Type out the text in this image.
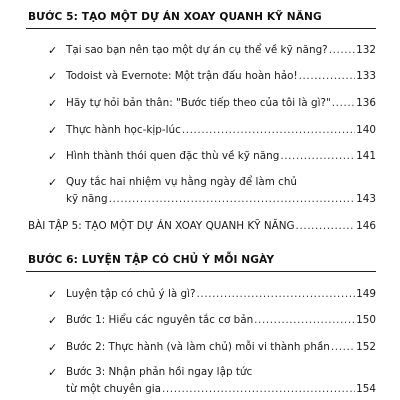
BƯỚC 5: TẠO MỘT DỰ ÁN XOAY QUANH KỸ NĂNG
✓ Tại sao bạn nên tạo một dự án cụ thể về kỹ năng? .....	132
✓ Todoist và Evernote: Một trận đấu hoàn hảo! .....	133
✓ Hãy tự hỏi bản thân: "Bước tiếp theo của tôi là gì?" ..... 136
✓ Thực hành học-kịp-lúc .....	140
✓ Hình thành thói quen đặc thù về kỹ năng .....	141
✓ Quy tắc hai nhiệm vụ hằng ngày để làm chủ
kỹ năng .....	143
BÀI TẬP 5: TẠO MỘT DỰ ÁN XOAY QUANH KỸ NĂNG .....	146
BƯỚC 6: LUYỆN TẬP CÓ CHỦ Ý MỖI NGÀY
✓ Luyện tập có chủ ý là gì? .....	149
✓ Bước 1: Hiểu các nguyên tắc cơ bản .....	150
✓ Bước 2: Thực hành (và làm chủ) mỗi vi thành phần .....	152
✓ Bước 3: Nhận phản hồi ngay lập tức
từ một chuyên gia .....	154
